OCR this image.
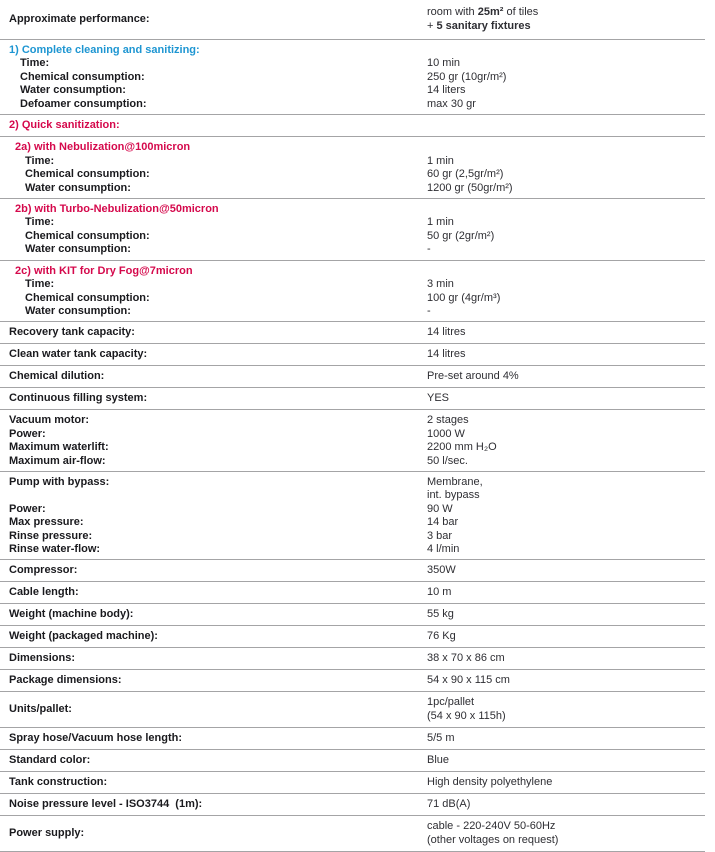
Approximate performance:
room with 25m² of tiles
+ 5 sanitary fixtures
1) Complete cleaning and sanitizing:
Time:	10 min
Chemical consumption:	250 gr (10gr/m²)
Water consumption:	14 liters
Defoamer consumption:	max 30 gr
2) Quick sanitization:
2a) with Nebulization@100micron
Time:	1 min
Chemical consumption:	60 gr (2,5gr/m²)
Water consumption:	1200 gr (50gr/m²)
2b) with Turbo-Nebulization@50micron
Time:	1 min
Chemical consumption:	50 gr (2gr/m²)
Water consumption:	-
2c) with KIT for Dry Fog@7micron
Time:	3 min
Chemical consumption:	100 gr (4gr/m³)
Water consumption:	-
Recovery tank capacity:	14 litres
Clean water tank capacity:	14 litres
Chemical dilution:	Pre-set around 4%
Continuous filling system:	YES
Vacuum motor:	2 stages
Power:	1000 W
Maximum waterlift:	2200 mm H₂O
Maximum air-flow:	50 l/sec.
Pump with bypass:	Membrane,
int. bypass
Power:	90 W
Max pressure:	14 bar
Rinse pressure:	3 bar
Rinse water-flow:	4 l/min
Compressor:	350W
Cable length:	10 m
Weight (machine body):	55 kg
Weight (packaged machine):	76 Kg
Dimensions:	38 x 70 x 86 cm
Package dimensions:	54 x 90 x 115 cm
Units/pallet:
1pc/pallet
(54 x 90 x 115h)
Spray hose/Vacuum hose length:	5/5 m
Standard color:	Blue
Tank construction:	High density polyethylene
Noise pressure level - ISO3744  (1m):	71 dB(A)
Power supply:
cable - 220-240V 50-60Hz
(other voltages on request)
